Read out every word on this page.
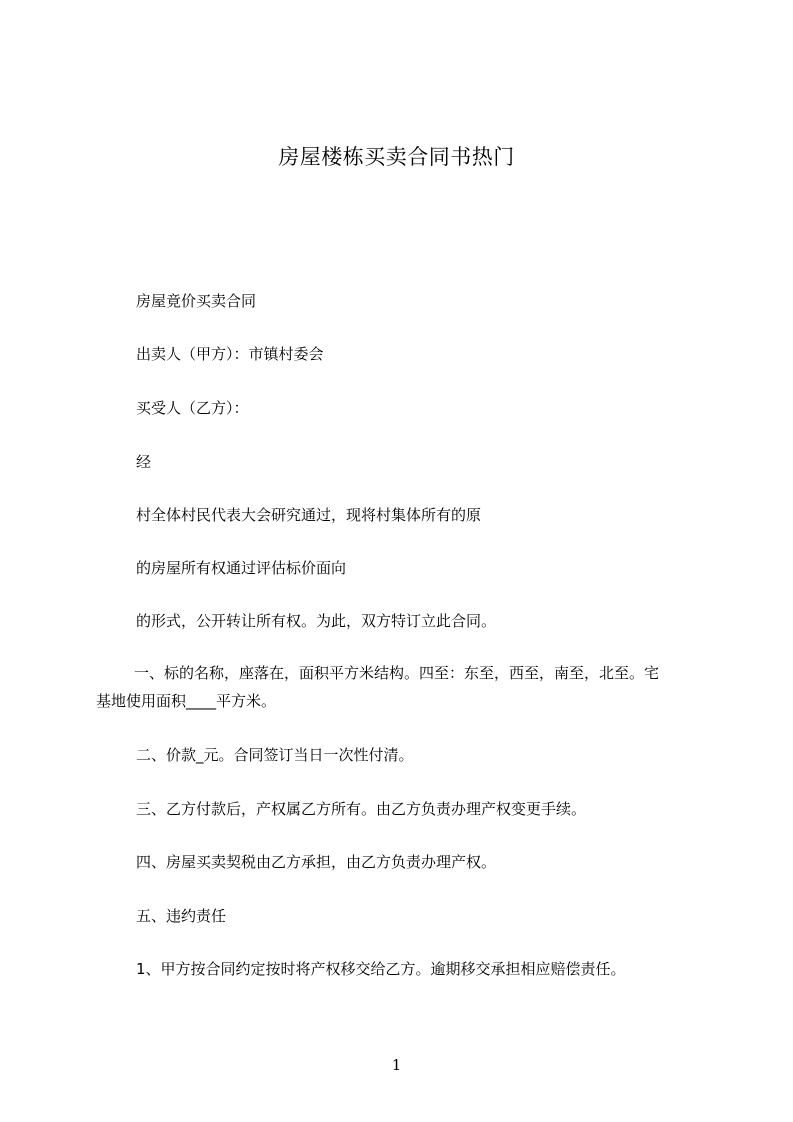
房屋楼栋买卖合同书热门
房屋竟价买卖合同
出卖人（甲方）：市镇村委会
买受人（乙方）：
经
村全体村民代表大会研究通过，现将村集体所有的原
的房屋所有权通过评估标价面向
的形式，公开转让所有权。为此，双方特订立此合同。
一、标的名称，座落在，面积平方米结构。四至：东至，西至，南至，北至。宅
基地使用面积____平方米。
二、价款_元。合同签订当日一次性付清。
三、乙方付款后，产权属乙方所有。由乙方负责办理产权变更手续。
四、房屋买卖契税由乙方承担，由乙方负责办理产权。
五、违约责任
1、甲方按合同约定按时将产权移交给乙方。逾期移交承担相应赔偿责任。
1
